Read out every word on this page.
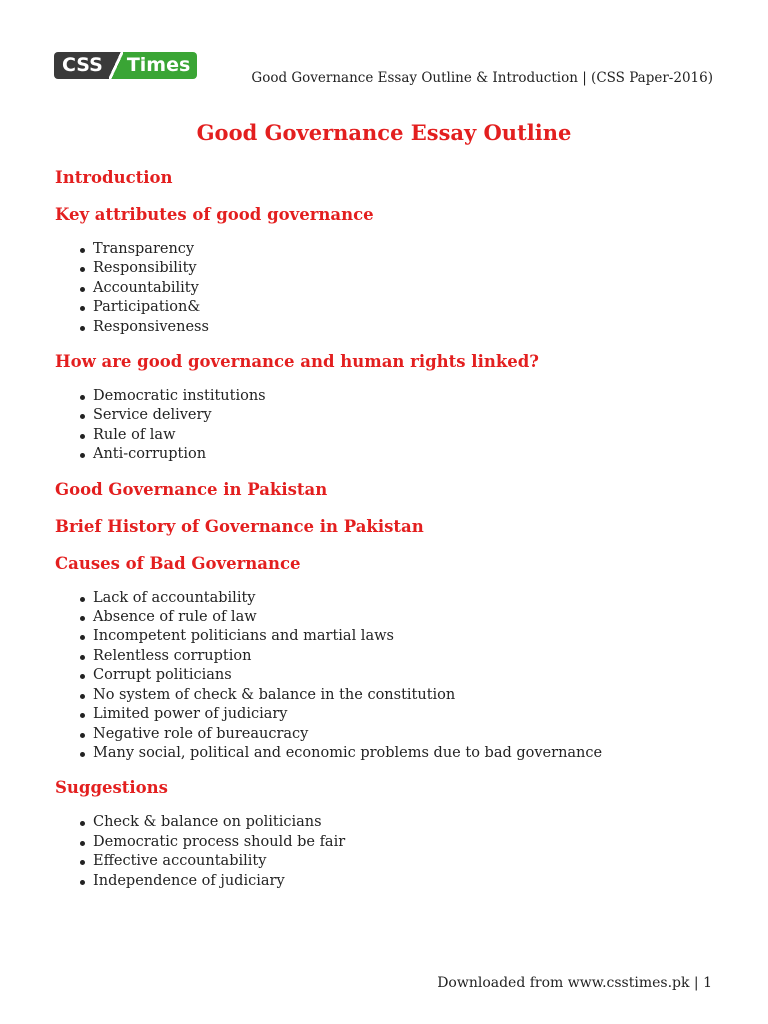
CSS	Times
Good Governance Essay Outline & Introduction | (CSS Paper-2016)
Good Governance Essay Outline
Introduction
Key attributes of good governance
Transparency
Responsibility
Accountability
Participation&
Responsiveness
How are good governance and human rights linked?
Democratic institutions
Service delivery
Rule of law
Anti-corruption
Good Governance in Pakistan
Brief History of Governance in Pakistan
Causes of Bad Governance
Lack of accountability
Absence of rule of law
Incompetent politicians and martial laws
Relentless corruption
Corrupt politicians
No system of check & balance in the constitution
Limited power of judiciary
Negative role of bureaucracy
Many social, political and economic problems due to bad governance
Suggestions
Check & balance on politicians
Democratic process should be fair
Effective accountability
Independence of judiciary
Downloaded from www.csstimes.pk | 1
